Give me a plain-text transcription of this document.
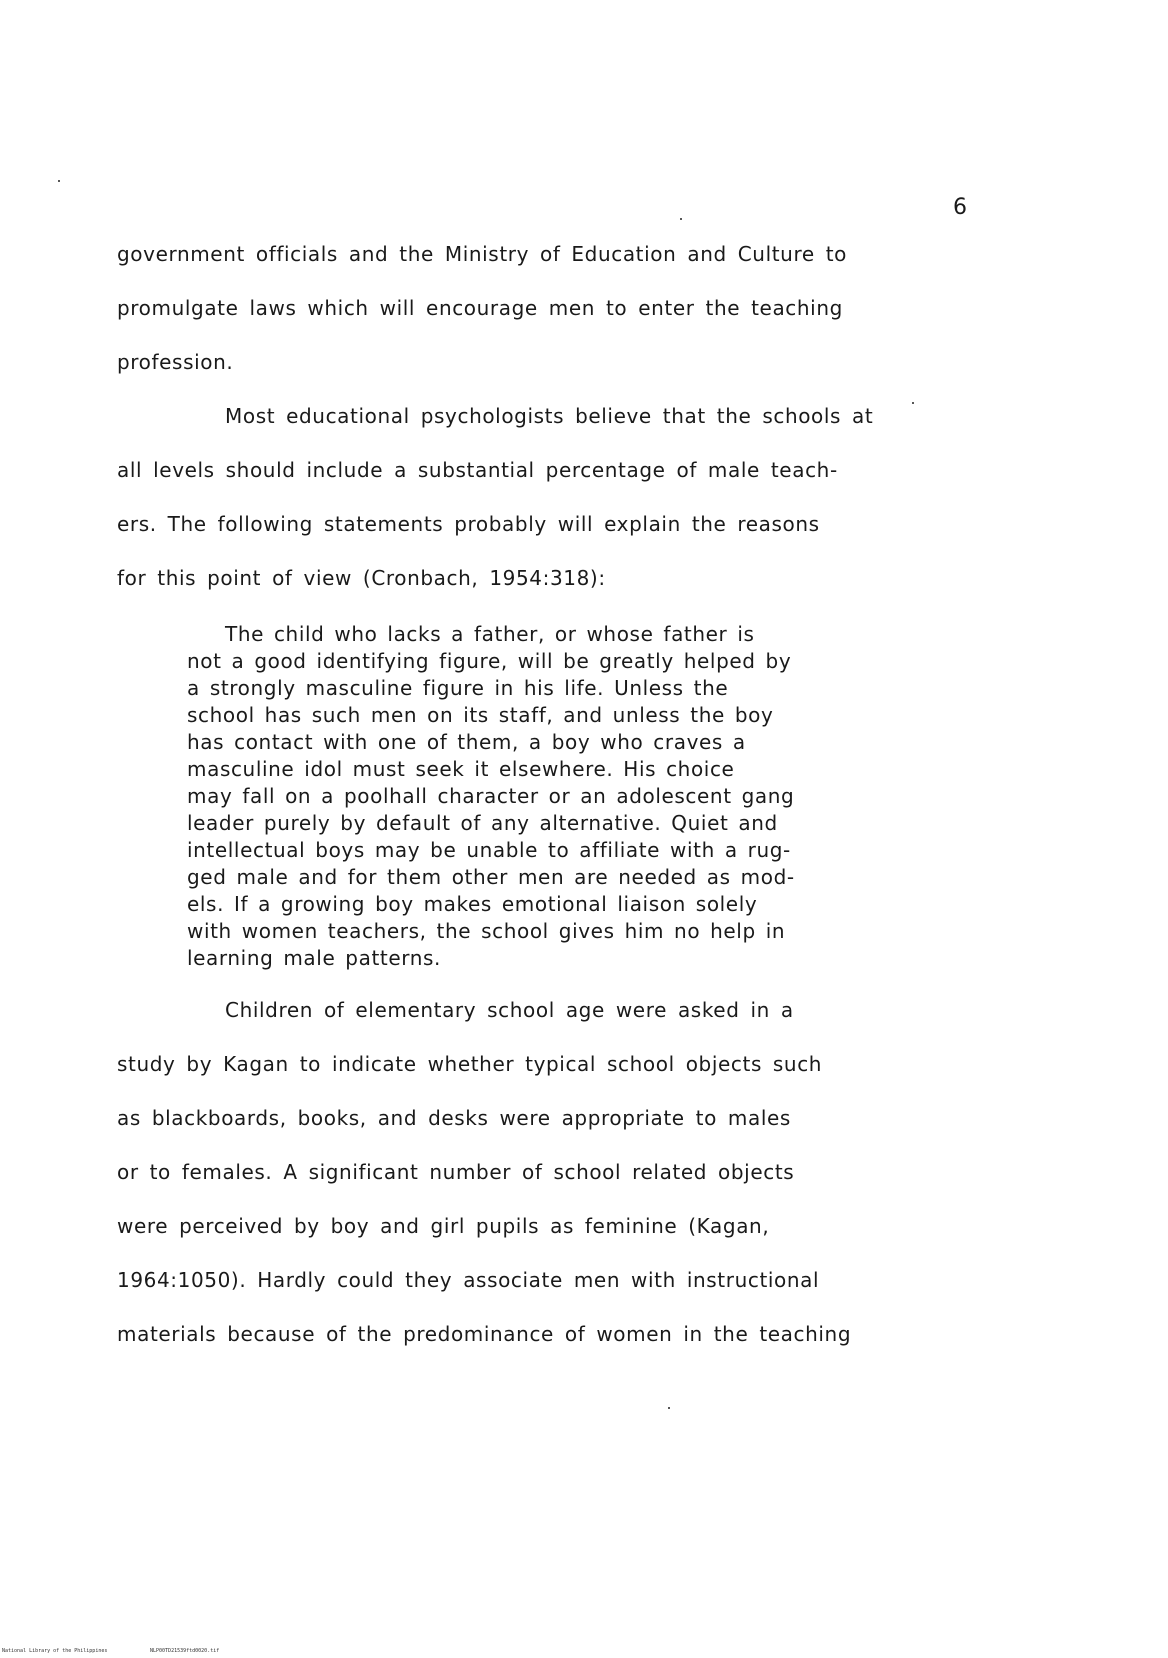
6
government officials and the Ministry of Education and Culture to
promulgate laws which will encourage men to enter the teaching
profession.
Most educational psychologists believe that the schools at
all levels should include a substantial percentage of male teach-
ers. The following statements probably will explain the reasons
for this point of view (Cronbach, 1954:318):
The child who lacks a father, or whose father is
not a good identifying figure, will be greatly helped by
a strongly masculine figure in his life. Unless the
school has such men on its staff, and unless the boy
has contact with one of them, a boy who craves a
masculine idol must seek it elsewhere. His choice
may fall on a poolhall character or an adolescent gang
leader purely by default of any alternative. Quiet and
intellectual boys may be unable to affiliate with a rug-
ged male and for them other men are needed as mod-
els. If a growing boy makes emotional liaison solely
with women teachers, the school gives him no help in
learning male patterns.
Children of elementary school age were asked in a
study by Kagan to indicate whether typical school objects such
as blackboards, books, and desks were appropriate to males
or to females. A significant number of school related objects
were perceived by boy and girl pupils as feminine (Kagan,
1964:1050). Hardly could they associate men with instructional
materials because of the predominance of women in the teaching
National Library of the Philippines	NLP00TD21539ftd0020.tif
